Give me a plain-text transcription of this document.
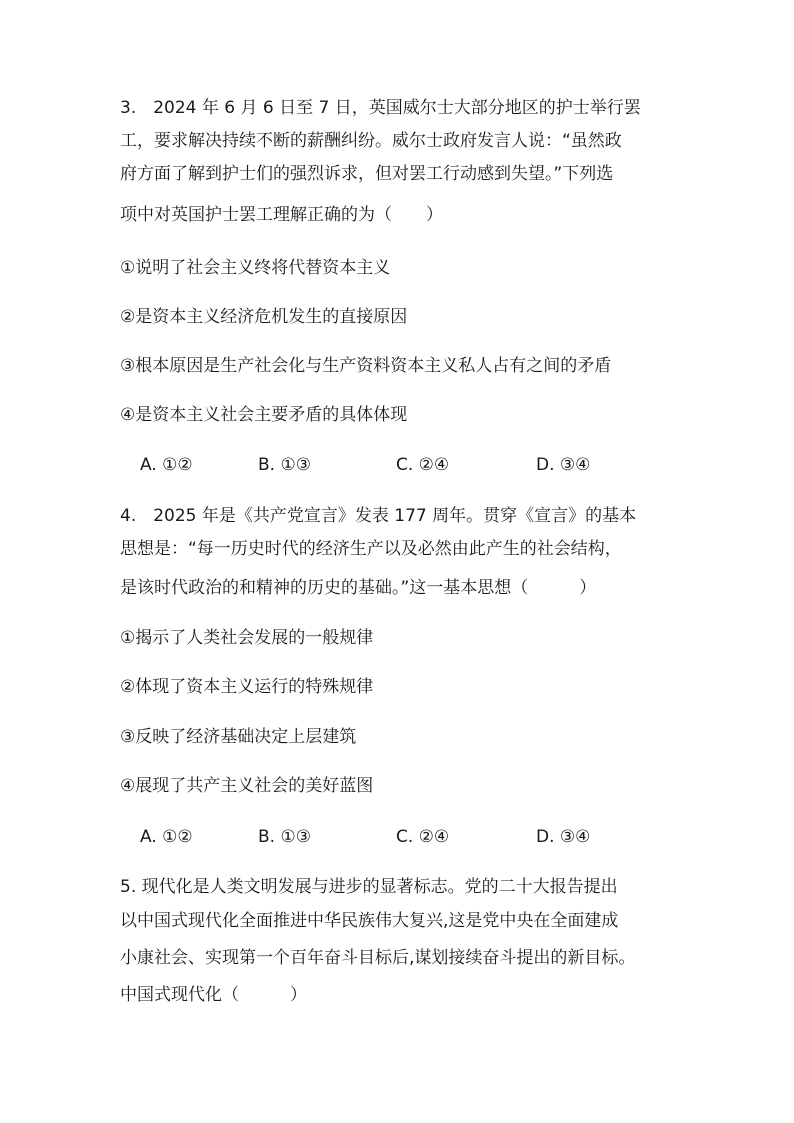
3.　2024 年 6 月 6 日至 7 日，英国威尔士大部分地区的护士举行罢
工，要求解决持续不断的薪酬纠纷。威尔士政府发言人说：“虽然政
府方面了解到护士们的强烈诉求，但对罢工行动感到失望。”下列选
项中对英国护士罢工理解正确的为（　　）
①说明了社会主义终将代替资本主义
②是资本主义经济危机发生的直接原因
③根本原因是生产社会化与生产资料资本主义私人占有之间的矛盾
④是资本主义社会主要矛盾的具体体现
A. ①②	B. ①③	C. ②④	D. ③④
4.　2025 年是《共产党宣言》发表 177 周年。贯穿《宣言》的基本
思想是：“每一历史时代的经济生产以及必然由此产生的社会结构，
是该时代政治的和精神的历史的基础。”这一基本思想（　　　）
①揭示了人类社会发展的一般规律
②体现了资本主义运行的特殊规律
③反映了经济基础决定上层建筑
④展现了共产主义社会的美好蓝图
A. ①②	B. ①③	C. ②④	D. ③④
5. 现代化是人类文明发展与进步的显著标志。党的二十大报告提出
以中国式现代化全面推进中华民族伟大复兴,这是党中央在全面建成
小康社会、实现第一个百年奋斗目标后,谋划接续奋斗提出的新目标。
中国式现代化（　　　）
